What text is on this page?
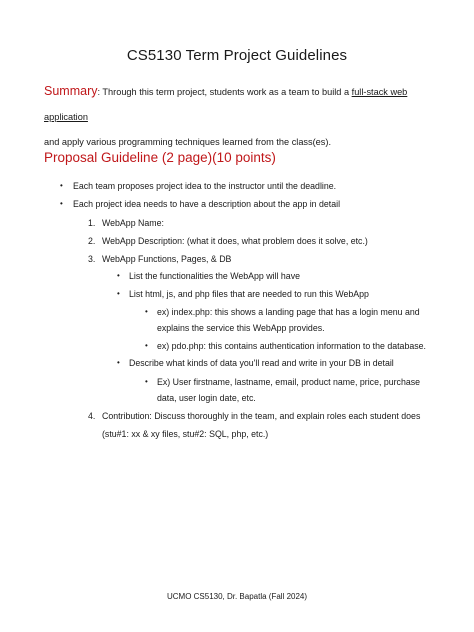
CS5130 Term Project Guidelines
Summary: Through this term project, students work as a team to build a full-stack web application
and apply various programming techniques learned from the class(es).
Proposal Guideline (2 page)(10 points)
• Each team proposes project idea to the instructor until the deadline.
• Each project idea needs to have a description about the app in detail
1. WebApp Name:
2. WebApp Description: (what it does, what problem does it solve, etc.)
3. WebApp Functions, Pages, & DB
• List the functionalities the WebApp will have
• List html, js, and php files that are needed to run this WebApp
• ex) index.php: this shows a landing page that has a login menu and
explains the service this WebApp provides.
• ex) pdo.php: this contains authentication information to the database.
• Describe what kinds of data you'll read and write in your DB in detail
• Ex) User firstname, lastname, email, product name, price, purchase
data, user login date, etc.
4. Contribution: Discuss thoroughly in the team, and explain roles each student does
(stu#1: xx & xy files, stu#2: SQL, php, etc.)
UCMO CS5130, Dr. Bapatla (Fall 2024)
